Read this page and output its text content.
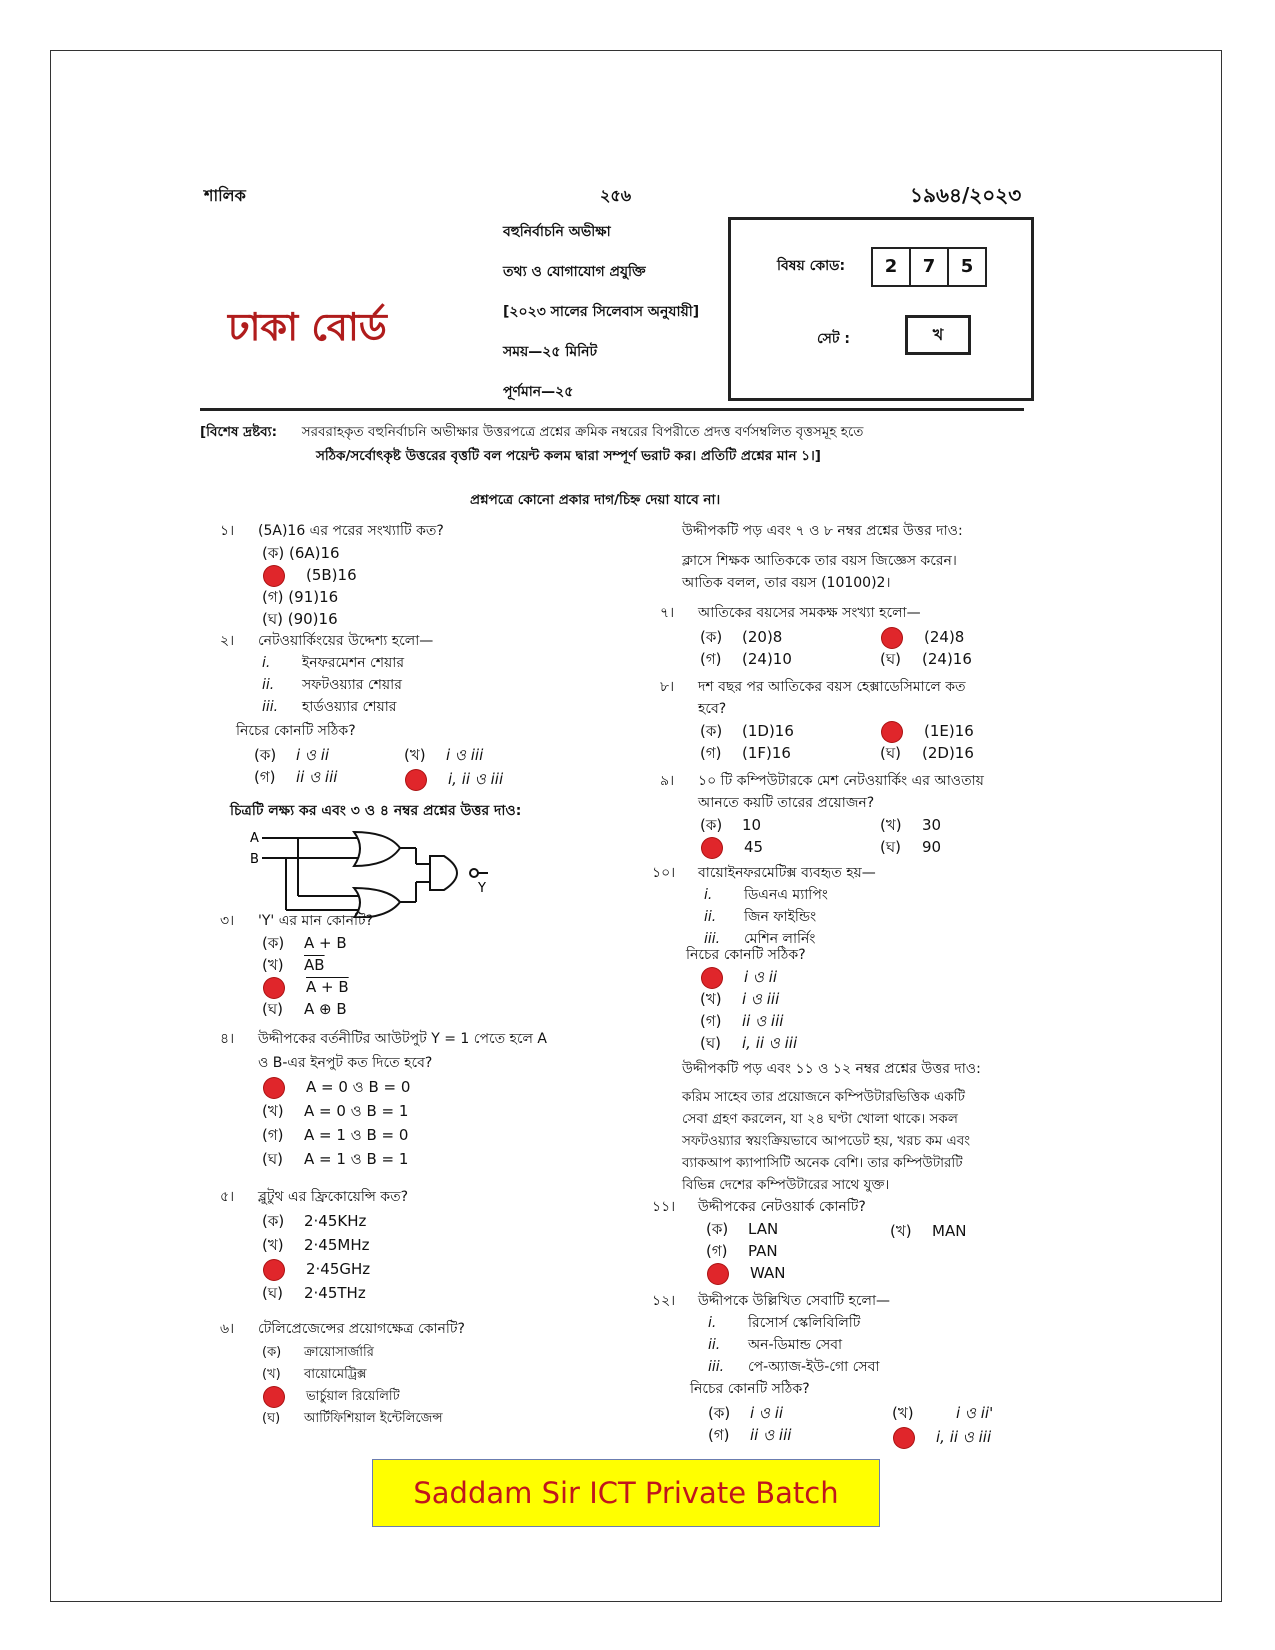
শালিক	২৫৬	১৯৬৪/২০২৩
ঢাকা বোর্ড
বহুনির্বাচনি অভীক্ষা
তথ্য ও যোগাযোগ প্রযুক্তি
[২০২৩ সালের সিলেবাস অনুযায়ী]
সময়—২৫ মিনিট
পূর্ণমান—২৫
বিষয় কোড:	2 7 5
সেট :	খ
[বিশেষ দ্রষ্টব্য: সরবরাহকৃত বহুনির্বাচনি অভীক্ষার উত্তরপত্রে প্রশ্নের ক্রমিক নম্বরের বিপরীতে প্রদত্ত বর্ণসম্বলিত বৃত্তসমূহ হতে
সঠিক/সর্বোৎকৃষ্ট উত্তরের বৃত্তটি বল পয়েন্ট কলম দ্বারা সম্পূর্ণ ভরাট কর। প্রতিটি প্রশ্নের মান ১।]
প্রশ্নপত্রে কোনো প্রকার দাগ/চিহ্ন দেয়া যাবে না।
১। (5A)16 এর পরের সংখ্যাটি কত?
(ক) (6A)16
(5B)16
(গ) (91)16
(ঘ) (90)16
২। নেটওয়ার্কিংয়ের উদ্দেশ্য হলো—
i. ইনফরমেশন শেয়ার
ii. সফটওয়্যার শেয়ার
iii. হার্ডওয়্যার শেয়ার
নিচের কোনটি সঠিক?
(ক) i ও ii	(খ) i ও iii
(গ) ii ও iii	i, ii ও iii
চিত্রটি লক্ষ্য কর এবং ৩ ও ৪ নম্বর প্রশ্নের উত্তর দাও:
A
B
Y
৩। 'Y' এর মান কোনটি?
(ক) A + B
(খ) $\overline{AB}$
A + B
(ঘ) A ⊕ B
৪। উদ্দীপকের বর্তনীটির আউটপুট Y = 1 পেতে হলে A
ও B-এর ইনপুট কত দিতে হবে?
A = 0 ও B = 0
(খ) A = 0 ও B = 1
(গ) A = 1 ও B = 0
(ঘ) A = 1 ও B = 1
৫। ব্লুটুথ এর ফ্রিকোয়েন্সি কত?
(ক) 2·45KHz
(খ) 2·45MHz
2·45GHz
(ঘ) 2·45THz
৬। টেলিপ্রেজেন্সের প্রয়োগক্ষেত্র কোনটি?
(ক) ক্রায়োসার্জারি
(খ) বায়োমেট্রিক্স
ভার্চুয়াল রিয়েলিটি
(ঘ) আর্টিফিশিয়াল ইন্টেলিজেন্স
উদ্দীপকটি পড় এবং ৭ ও ৮ নম্বর প্রশ্নের উত্তর দাও:
ক্লাসে শিক্ষক আতিককে তার বয়স জিজ্ঞেস করেন।
আতিক বলল, তার বয়স (10100)2।
৭। আতিকের বয়সের সমকক্ষ সংখ্যা হলো—
(ক) (20)8	(24)8
(গ) (24)10	(ঘ) (24)16
৮। দশ বছর পর আতিকের বয়স হেক্সাডেসিমালে কত
হবে?
(ক) (1D)16	(1E)16
(গ) (1F)16	(ঘ) (2D)16
৯। ১০ টি কম্পিউটারকে মেশ নেটওয়ার্কিং এর আওতায়
আনতে কয়টি তারের প্রয়োজন?
(ক) 10	(খ) 30
45	(ঘ) 90
১০। বায়োইনফরমেটিক্স ব্যবহৃত হয়—
i. ডিএনএ ম্যাপিং
ii. জিন ফাইন্ডিং
iii. মেশিন লার্নিং
নিচের কোনটি সঠিক?
i ও ii
(খ) i ও iii
(গ) ii ও iii
(ঘ) i, ii ও iii
উদ্দীপকটি পড় এবং ১১ ও ১২ নম্বর প্রশ্নের উত্তর দাও:
করিম সাহেব তার প্রয়োজনে কম্পিউটারভিত্তিক একটি
সেবা গ্রহণ করলেন, যা ২৪ ঘণ্টা খোলা থাকে। সকল
সফটওয়্যার স্বয়ংক্রিয়ভাবে আপডেট হয়, খরচ কম এবং
ব্যাকআপ ক্যাপাসিটি অনেক বেশি। তার কম্পিউটারটি
বিভিন্ন দেশের কম্পিউটারের সাথে যুক্ত।
১১। উদ্দীপকের নেটওয়ার্ক কোনটি?
(ক) LAN	(খ) MAN
(গ) PAN
WAN
১২। উদ্দীপকে উল্লিখিত সেবাটি হলো—
i. রিসোর্স স্কেলিবিলিটি
ii. অন-ডিমান্ড সেবা
iii. পে-অ্যাজ-ইউ-গো সেবা
নিচের কোনটি সঠিক?
(ক) i ও ii	(খ)	i ও ii'
(গ) ii ও iii	i, ii ও iii
Saddam Sir ICT Private Batch
